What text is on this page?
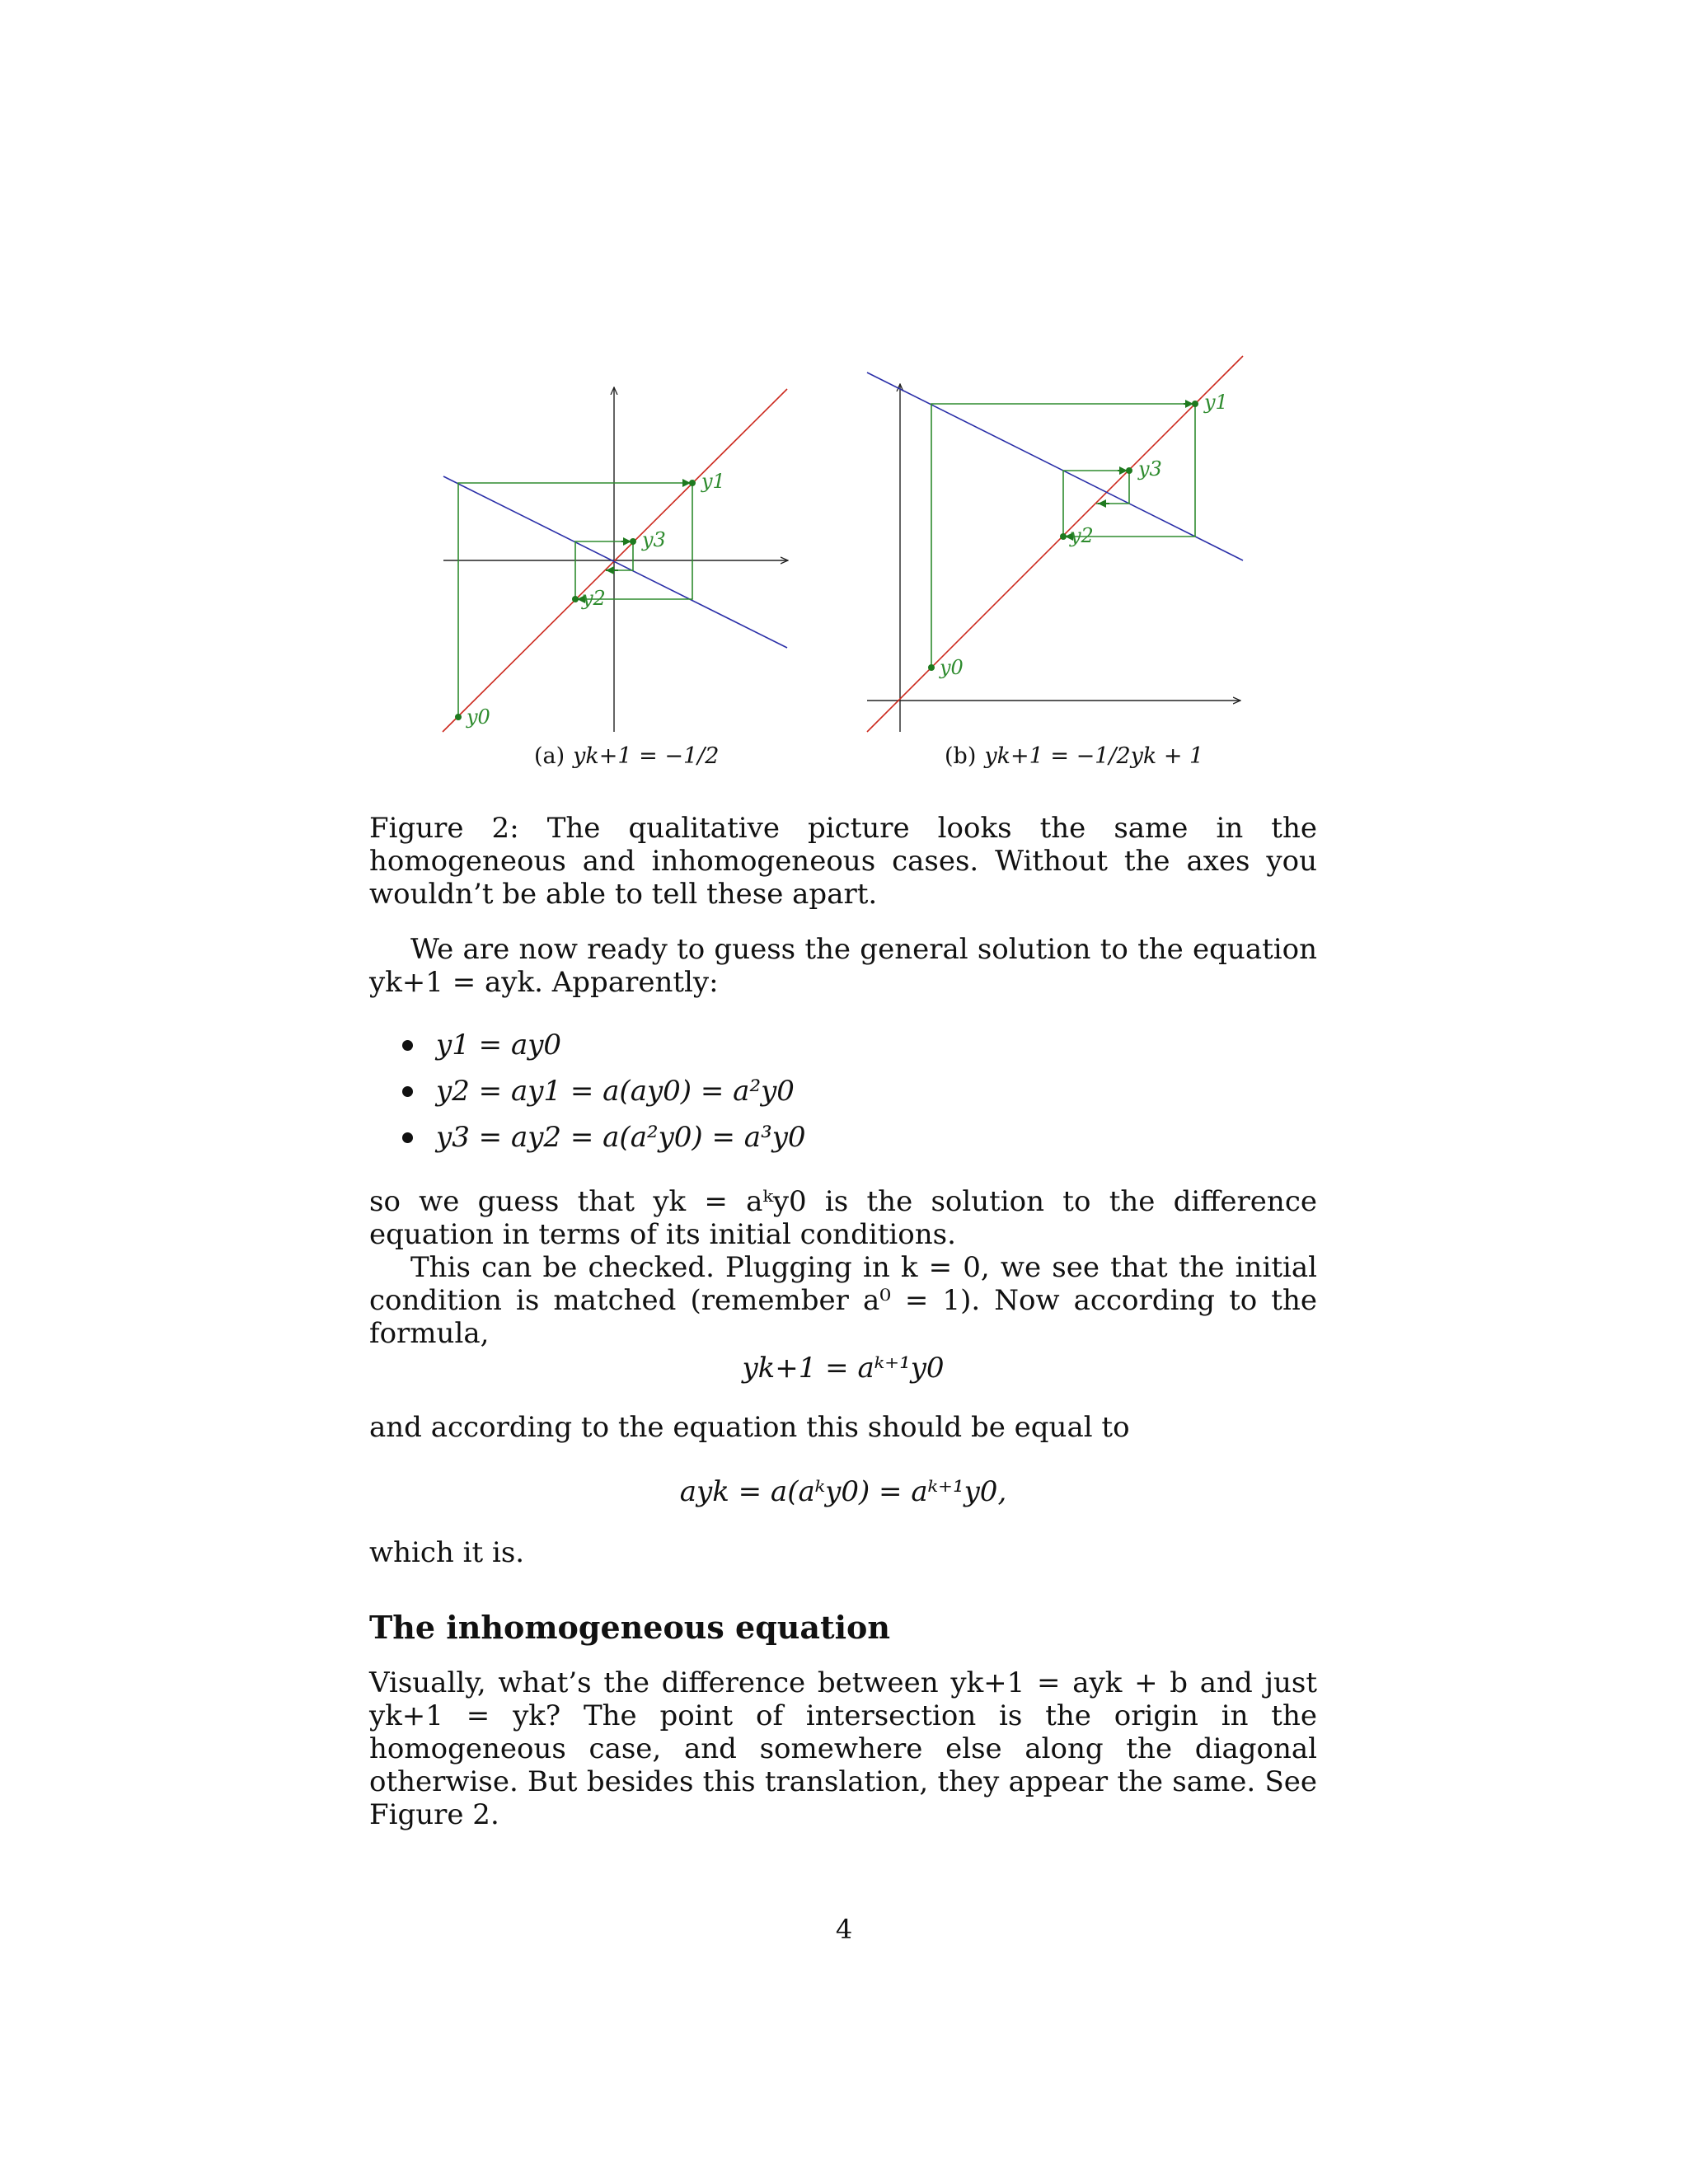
y1
y3
y2
y0
y1
y3
y2
y0
(a) yk+1 = −1/2	(b) yk+1 = −1/2yk + 1
Figure 2: The qualitative picture looks the same in the homogeneous and inhomogeneous cases. Without the axes you wouldn’t be able to tell these apart.
We are now ready to guess the general solution to the equation yk+1 = ayk. Apparently:
y1 = ay0
y2 = ay1 = a(ay0) = a²y0
y3 = ay2 = a(a²y0) = a³y0
so we guess that yk = aᵏy0 is the solution to the difference equation in terms of its initial conditions.
This can be checked. Plugging in k = 0, we see that the initial condition is matched (remember a⁰ = 1). Now according to the formula,
yk+1 = aᵏ⁺¹y0
and according to the equation this should be equal to
ayk = a(aᵏy0) = aᵏ⁺¹y0,
which it is.
The inhomogeneous equation
Visually, what’s the difference between yk+1 = ayk + b and just yk+1 = yk? The point of intersection is the origin in the homogeneous case, and somewhere else along the diagonal otherwise. But besides this translation, they appear the same. See Figure 2.
4
